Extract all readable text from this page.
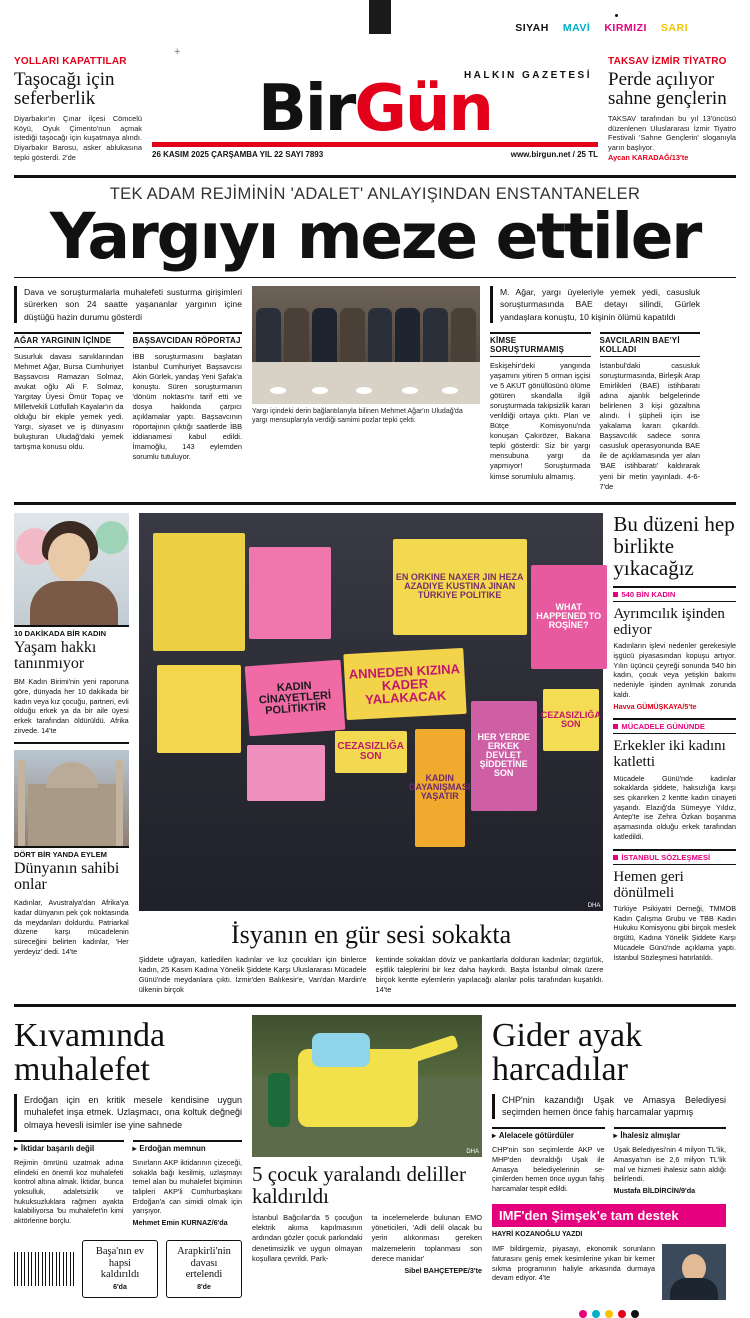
SIYAH MAVİ KIRMIZI SARI
YOLLARI KAPATTILAR
Taşocağı için seferberlik
Diyarbakır'ın Çınar ilçesi Cömcelü Köyü, Oyuk Çimento'nun açmak istediği taşocağı için kuşatmaya alındı. Diyarbakır Barosu, asker ablukasına tepki gösterdi. 2'de
+
HALKIN GAZETESİ
BirGün
26 KASIM 2025 ÇARŞAMBA YIL 22 SAYI 7893	www.birgun.net / 25 TL
TAKSAV İZMİR TİYATRO
Perde açılıyor sahne gençlerin
TAKSAV tarafından bu yıl 13'üncüsü düzenlenen Uluslararası İzmir Tiyatro Festivali 'Sahne Gençlerin' sloganıyla yarın başlıyor.
Aycan KARADAĞ/13'te
TEK ADAM REJİMİNİN 'ADALET' ANLAYIŞINDAN ENSTANTANELER
Yargıyı meze ettiler
Dava ve soruşturmalarla muhalefeti susturma girişimleri sürerken son 24 saatte yaşananlar yargının içine düştüğü hazin durumu gösterdi
AĞAR YARGININ İÇİNDE
Susurluk davası sanıklarından Mehmet Ağar, Bursa Cumhuriyet Başsavcısı Ramazan Solmaz, avukat oğlu Ali F. Solmaz, Yargıtay Üyesi Ömür Topaç ve Milletvekili Lütfullah Kayalar'ın da olduğu bir ekiple yemek yedi. Yargı, siyaset ve iş dünyasını buluşturan Uludağ'daki yemek tartışma konusu oldu.
BAŞSAVCIDAN RÖPORTAJ
İBB soruşturmasını başlatan İstanbul Cumhuriyet Başsavcısı Akin Gürlek, yandaş Yeni Şafak'a konuştu. Süren soruşturmanın 'dönüm noktası'nı tarif etti ve dosya hakkında çarpıcı açıklamalar yaptı. Başsavcının röportajının çıktığı saatlerde İBB iddianamesi kabul edildi. İmamoğlu, 143 eylemden sorumlu tutuluyor.
Yargı içindeki derin bağlantılarıyla bilinen Mehmet Ağar'ın Uludağ'da yargı mensuplarıyla verdiği samimi pozlar tepki çekti.
M. Ağar, yargı üyeleriyle yemek yedi, casusluk soruşturmasında BAE detayı silindi, Gürlek yandaşlara konuştu, 10 kişinin ölümü kapatıldı
KİMSE SORUŞTURMAMIŞ
Eskişehir'deki yangında yaşamını yitiren 5 orman işçisi ve 5 AKUT gönüllüsünü ölüme götüren skandalla ilgili soruşturmada takipsizlik kararı verildiği ortaya çıktı. Plan ve Bütçe Komisyonu'nda konuşan Çakırözer, Bakana tepki gösterdi: Siz bir yargı mensubuna yargı da yapmıyor! Soruşturmada kimse sorumlulu almamış.
SAVCILARIN BAE'Yİ KOLLADI
İstanbul'daki casusluk soruşturmasında, Birleşik Arap Emirlikleri (BAE) istihbaratı adına ajanlık belgelerinde belirlenen 3 kişi gözaltına alındı. İ şüpheli için ise yakalama kararı çıkarıldı. Başsavcılık sadece sonra casusluk operasyonunda BAE ile de açıklamasında yer alan 'BAE istihbaratı' kaldırarak yeni bir metin yayınladı. 4-6-7'de
10 DAKİKADA BİR KADIN
Yaşam hakkı tanınmıyor
BM Kadın Birimi'nin yeni raporuna göre, dünyada her 10 dakikada bir kadın veya kız çocuğu, partneri, evli olduğu erkek ya da bir aile üyesi erkek tarafından öldürüldü. Afrika zirvede. 14'te
DÖRT BİR YANDA EYLEM
Dünyanın sahibi onlar
Kadınlar, Avustralya'dan Afrika'ya kadar dünyanın pek çok noktasında da meydanları doldurdu. Patriarkal düzene karşı mücadelenin süreceğini belirten kadınlar, 'Her yerdeyiz' dedi. 14'te
KADIN CİNAYETLERİ POLİTİKTİR
ANNEDEN KIZINA KADER YALAKACAK
CEZASIZLIĞA SON
HER YERDE ERKEK DEVLET ŞİDDETİNE SON
KADIN DAYANIŞMASI YAŞATIR
WHAT HAPPENED TO ROŞİNE?
EN ORKINE NAXER JIN HEZA AZADIYE KUSTINA JINAN TÜRKIYE POLITIKE
CEZASIZLIĞA SON
DHA
İsyanın en gür sesi sokakta

Şiddete uğrayan, katledilen kadınlar ve kız çocukları için binlerce kadın, 25 Kasım Kadına Yönelik Şiddete Karşı Uluslararası Mücadele Günü'nde meydanlara çıktı. İzmir'den Balıkesir'e, Van'dan Mardin'e ülkenin birçok

kentinde sokakları döviz ve pankartlarla dolduran kadınlar; özgürlük, eşitlik taleplerini bir kez daha haykırdı. Başta İstanbul olmak üzere birçok kentte eylemlerin yapılacağı alanlar polis tarafından kuşatıldı. 14'te

Bu düzeni hep birlikte yıkacağız
540 BİN KADIN
Ayrımcılık işinden ediyor
Kadınların işlevi nedenler gerekesiyle işgücü piyasasından kopuşu artıyor. Yılın üçüncü çeyreği sonunda 540 bin kadın, çocuk veya yetişkin bakımı nedeniyle işinden ayrılmak zorunda kaldı.
Havva GÜMÜŞKAYA/5'te
MÜCADELE GÜNÜNDE
Erkekler iki kadını katletti
Mücadele Günü'nde kadınlar sokaklarda şiddete, haksızlığa karşı ses çıkarırken 2 kentte kadın cinayeti yaşandı. Elazığ'da Sümeyye Yıldız, Antep'te ise Zehra Özkan boşanma aşamasında olduğu erkek tarafından katledildi.
İSTANBUL SÖZLEŞMESİ
Hemen geri dönülmeli
Türkiye Psikiyatri Derneği, TMMOB Kadın Çalışma Grubu ve TBB Kadın Hukuku Komisyonu gibi birçok meslek örgütü, Kadına Yönelik Şiddete Karşı Mücadele Günü'nde açıklama yaptı. İstanbul Sözleşmesi hatırlatıldı.
Kıvamında muhalefet
Erdoğan için en kritik mesele kendisine uygun muhalefet inşa etmek. Uzlaşmacı, ona koltuk değneği olmaya hevesli isimler ise yine sahnede
▸ İktidar başarılı değil
Rejimin ömrünü uzatmak adına elindeki en önemli koz muhalefeti kontrol altına almak. İktidar, bunca yoksulluk, adaletsizlik ve hukuksuzluklara rağmen ayakta kalabiliyorsa 'bu muhalefet'in kimi aktörlerine borçlu.
▸ Erdoğan memnun
Sınırların AKP iktidarının çizeceği, sokakla bağı kesilmiş, uzlaşmayı temel alan bu muhalefet biçiminin talipleri AKP'li Cumhurbaşkanı Erdoğan'a can simidi olmak için yarışıyor.
Mehmet Emin KURNAZ/6'da
Başa'nın ev hapsi kaldırıldı
6'da
Arapkirli'nin davası ertelendi
8'de
DHA
5 çocuk yaralandı deliller kaldırıldı

İstanbul Bağcılar'da 5 çocuğun elektrik akıma kapılmasının ardından gözler çocuk parkındaki denetimsizlik ve uygun olmayan koşullara çevrildi. Park-

ta incelemelerde bulunan EMO yöneticileri, 'Adli delil olacak bu yerin alıkonması gereken malzemelerin toplanması son derece manidar'

Sibel BAHÇETEPE/3'te
Gider ayak harcadılar
CHP'nin kazandığı Uşak ve Amasya Belediyesi seçimden hemen önce fahiş harcamalar yapmış
▸ Alelacele götürdüler
CHP'nin son seçimlerde AKP ve MHP'den devraldığı Uşak ile Amasya belediyelerinin seçimlerden hemen önce uygun fahiş harcamalar tespit edildi.
▸ İhalesiz almışlar
Uşak Belediyesi'nin 4 milyon TL'lik, Amasya'nın ise 2,6 milyon TL'lik mal ve hizmeti ihalesiz satın aldığı belirlendi.
Mustafa BİLDİRCİN/9'da
IMF'den Şimşek'e tam destek
HAYRİ KOZANOĞLU YAZDI
IMF bildirgemiz, piyasayı, ekonomik sorunların faturasını geniş emek kesimlerine yıkan bir kemer sıkma programının haliyle arkasında durmaya devam ediyor. 4'te
